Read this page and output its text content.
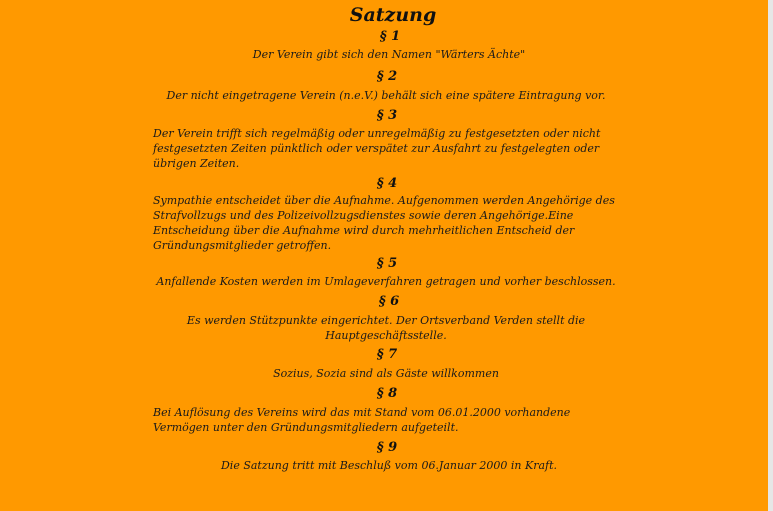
Satzung
§ 1
Der Verein gibt sich den Namen "Wärters Ächte"
§ 2
Der nicht eingetragene Verein (n.e.V.) behält sich eine spätere Eintragung vor.
§ 3
Der Verein trifft sich regelmäßig oder unregelmäßig zu festgesetzten oder nicht
festgesetzten Zeiten pünktlich oder verspätet zur Ausfahrt zu festgelegten oder
übrigen Zeiten.
§ 4
Sympathie entscheidet über die Aufnahme. Aufgenommen werden Angehörige des
Strafvollzugs und des Polizeivollzugsdienstes sowie deren Angehörige.Eine
Entscheidung über die Aufnahme wird durch mehrheitlichen Entscheid der
Gründungsmitglieder getroffen.
§ 5
Anfallende Kosten werden im Umlageverfahren getragen und vorher beschlossen.
§ 6
Es werden Stützpunkte eingerichtet. Der Ortsverband Verden stellt die
Hauptgeschäftsstelle.
§ 7
Sozius, Sozia sind als Gäste willkommen
§ 8
Bei Auflösung des Vereins wird das mit Stand vom 06.01.2000 vorhandene
Vermögen unter den Gründungsmitgliedern aufgeteilt.
§ 9
Die Satzung tritt mit Beschluß vom 06.Januar 2000 in Kraft.
